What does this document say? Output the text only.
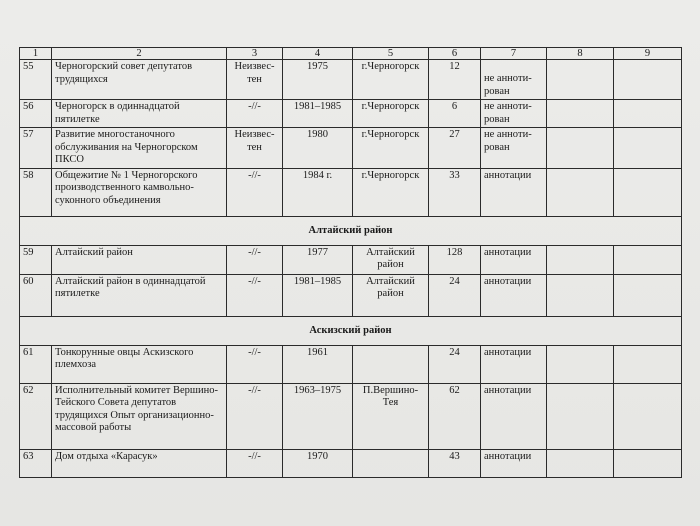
1	2	3	4	5	6	7	8	9
55	Черногорский совет депутатов трудящихся	Неизвес-тен	1975	г.Черногорск	12	не аннoти-рован		
56	Черногорск в одиннадцатой пятилетке	-//-	1981–1985	г.Черногорск	6	не аннoти-рован		
57	Развитие многостаночного обслуживания на Черногорском ПКСО	Неизвес-тен	1980	г.Черногорск	27	не аннoти-рован		
58	Общежитие № 1 Черногорского производственного камвольно-суконного объединения	-//-	1984 г.	г.Черногорск	33	аннотации		
Алтайский район								
59	Алтайский район	-//-	1977	Алтайский район	128	аннотации		
60	Алтайский район в одиннадцатой пятилетке	-//-	1981–1985	Алтайский район	24	аннотации		
Аскизский район								
61	Тонкорунные овцы Аскизского племхоза	-//-	1961		24	аннотации		
62	Исполнительный комитет Вершино-Тейского Совета депутатов трудящихся Опыт организационно-массовой работы	-//-	1963–1975	П.Вершино-Тея	62	аннотации		
63	Дом отдыха «Карасук»	-//-	1970		43	аннотации		
